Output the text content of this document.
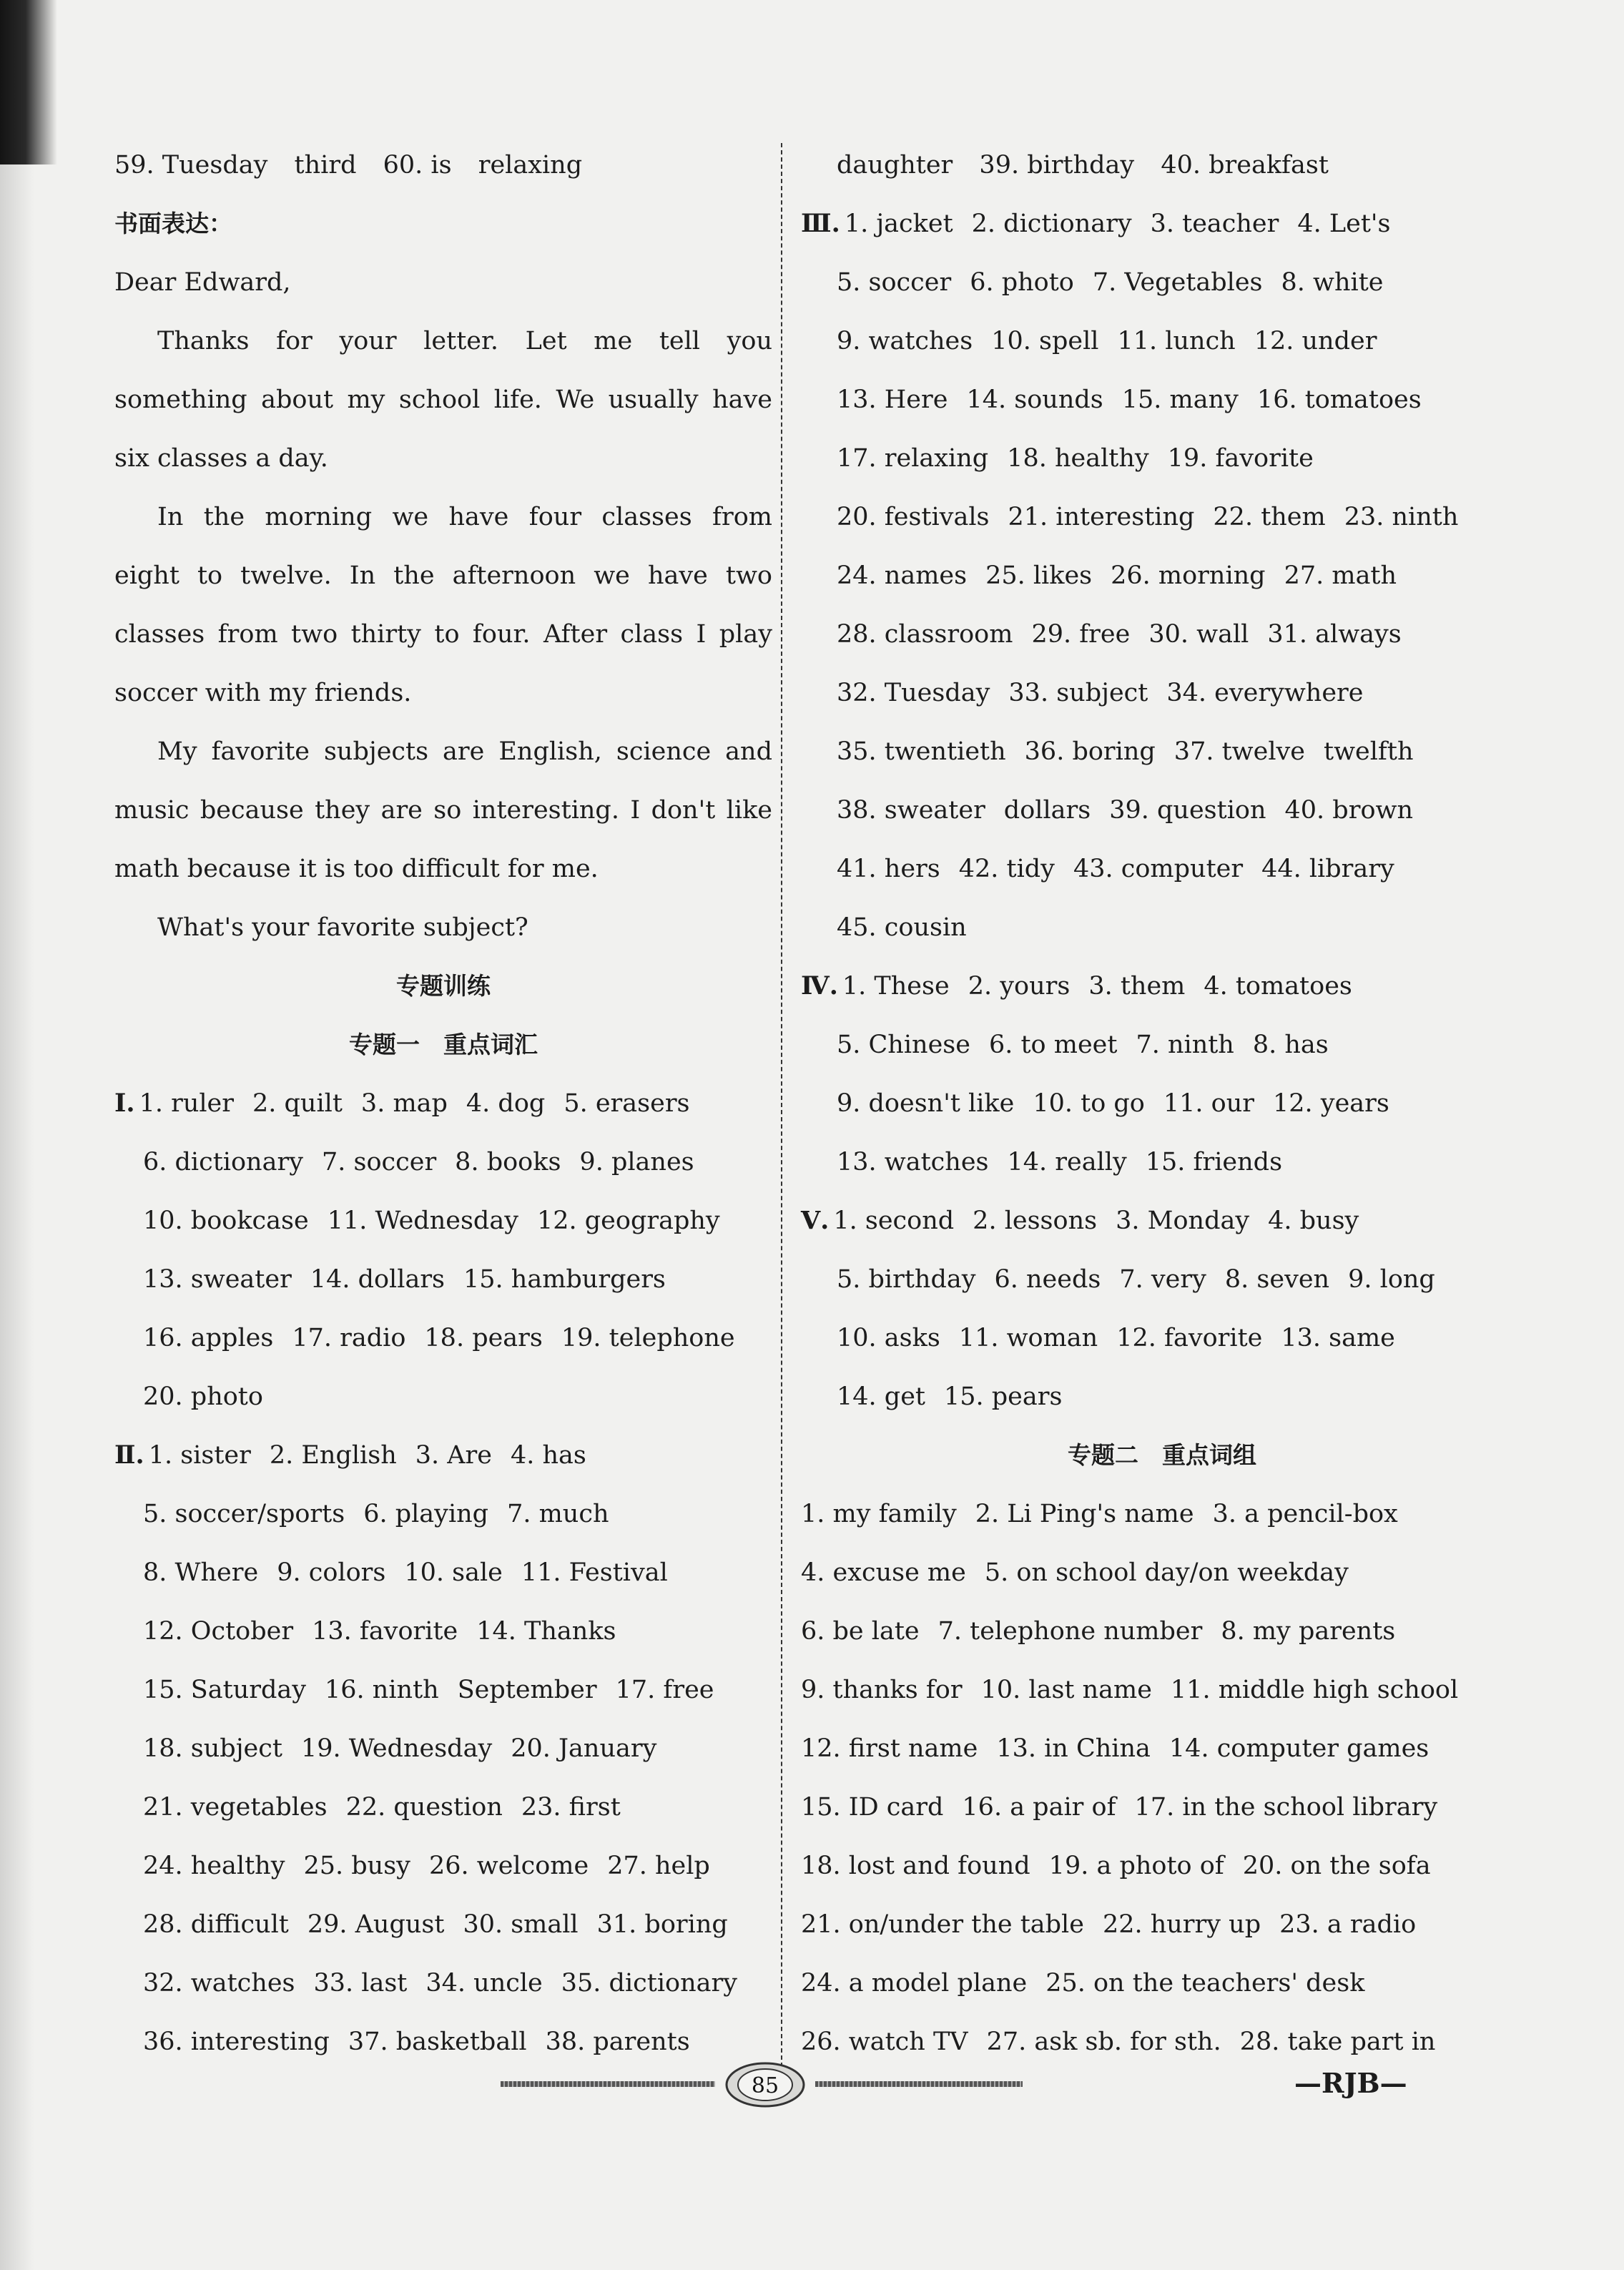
59. Tuesday third 60. is relaxing
书面表达：
Dear Edward,
Thanks for your letter. Let me tell you
something about my school life. We usually have
six classes a day.
In the morning we have four classes from
eight to twelve. In the afternoon we have two
classes from two thirty to four. After class I play
soccer with my friends.
My favorite subjects are English, science and
music because they are so interesting. I don't like
math because it is too difficult for me.
What's your favorite subject?
专题训练
专题一　重点词汇
Ⅰ. 1. ruler 2. quilt 3. map 4. dog 5. erasers
6. dictionary 7. soccer 8. books 9. planes
10. bookcase 11. Wednesday 12. geography
13. sweater 14. dollars 15. hamburgers
16. apples 17. radio 18. pears 19. telephone
20. photo
Ⅱ. 1. sister 2. English 3. Are 4. has
5. soccer/sports 6. playing 7. much
8. Where 9. colors 10. sale 11. Festival
12. October 13. favorite 14. Thanks
15. Saturday 16. ninth September 17. free
18. subject 19. Wednesday 20. January
21. vegetables 22. question 23. first
24. healthy 25. busy 26. welcome 27. help
28. difficult 29. August 30. small 31. boring
32. watches 33. last 34. uncle 35. dictionary
36. interesting 37. basketball 38. parents
daughter 39. birthday 40. breakfast
Ⅲ. 1. jacket 2. dictionary 3. teacher 4. Let's
5. soccer 6. photo 7. Vegetables 8. white
9. watches 10. spell 11. lunch 12. under
13. Here 14. sounds 15. many 16. tomatoes
17. relaxing 18. healthy 19. favorite
20. festivals 21. interesting 22. them 23. ninth
24. names 25. likes 26. morning 27. math
28. classroom 29. free 30. wall 31. always
32. Tuesday 33. subject 34. everywhere
35. twentieth 36. boring 37. twelve twelfth
38. sweater dollars 39. question 40. brown
41. hers 42. tidy 43. computer 44. library
45. cousin
Ⅳ. 1. These 2. yours 3. them 4. tomatoes
5. Chinese 6. to meet 7. ninth 8. has
9. doesn't like 10. to go 11. our 12. years
13. watches 14. really 15. friends
Ⅴ. 1. second 2. lessons 3. Monday 4. busy
5. birthday 6. needs 7. very 8. seven 9. long
10. asks 11. woman 12. favorite 13. same
14. get 15. pears
专题二　重点词组
1. my family 2. Li Ping's name 3. a pencil-box
4. excuse me 5. on school day/on weekday
6. be late 7. telephone number 8. my parents
9. thanks for 10. last name 11. middle high school
12. first name 13. in China 14. computer games
15. ID card 16. a pair of 17. in the school library
18. lost and found 19. a photo of 20. on the sofa
21. on/under the table 22. hurry up 23. a radio
24. a model plane 25. on the teachers' desk
26. watch TV 27. ask sb. for sth. 28. take part in
85	—RJB—
